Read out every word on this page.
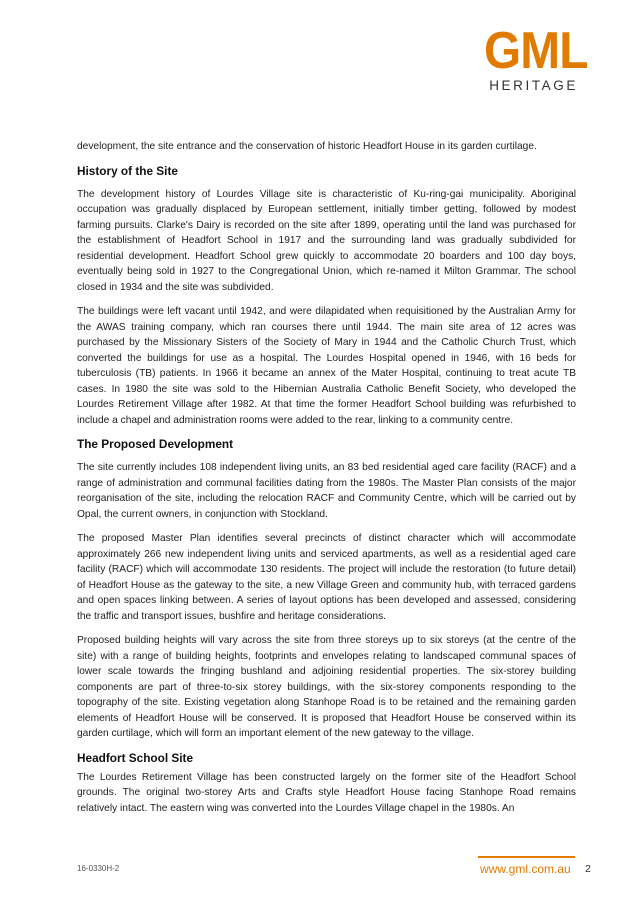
GML
HERITAGE

development, the site entrance and the conservation of historic Headfort House in its garden curtilage.

History of the Site

The development history of Lourdes Village site is characteristic of Ku-ring-gai municipality. Aboriginal occupation was gradually displaced by European settlement, initially timber getting, followed by modest farming pursuits. Clarke's Dairy is recorded on the site after 1899, operating until the land was purchased for the establishment of Headfort School in 1917 and the surrounding land was gradually subdivided for residential development. Headfort School grew quickly to accommodate 20 boarders and 100 day boys, eventually being sold in 1927 to the Congregational Union, which re-named it Milton Grammar. The school closed in 1934 and the site was subdivided.

The buildings were left vacant until 1942, and were dilapidated when requisitioned by the Australian Army for the AWAS training company, which ran courses there until 1944. The main site area of 12 acres was purchased by the Missionary Sisters of the Society of Mary in 1944 and the Catholic Church Trust, which converted the buildings for use as a hospital. The Lourdes Hospital opened in 1946, with 16 beds for tuberculosis (TB) patients. In 1966 it became an annex of the Mater Hospital, continuing to treat acute TB cases. In 1980 the site was sold to the Hibernian Australia Catholic Benefit Society, who developed the Lourdes Retirement Village after 1982. At that time the former Headfort School building was refurbished to include a chapel and administration rooms were added to the rear, linking to a community centre.

The Proposed Development

The site currently includes 108 independent living units, an 83 bed residential aged care facility (RACF) and a range of administration and communal facilities dating from the 1980s. The Master Plan consists of the major reorganisation of the site, including the relocation RACF and Community Centre, which will be carried out by Opal, the current owners, in conjunction with Stockland.

The proposed Master Plan identifies several precincts of distinct character which will accommodate approximately 266 new independent living units and serviced apartments, as well as a residential aged care facility (RACF) which will accommodate 130 residents. The project will include the restoration (to future detail) of Headfort House as the gateway to the site, a new Village Green and community hub, with terraced gardens and open spaces linking between. A series of layout options has been developed and assessed, considering the traffic and transport issues, bushfire and heritage considerations.

Proposed building heights will vary across the site from three storeys up to six storeys (at the centre of the site) with a range of building heights, footprints and envelopes relating to landscaped communal spaces of lower scale towards the fringing bushland and adjoining residential properties. The six-storey building components are part of three-to-six storey buildings, with the six-storey components responding to the topography of the site. Existing vegetation along Stanhope Road is to be retained and the remaining garden elements of Headfort House will be conserved. It is proposed that Headfort House be conserved within its garden curtilage, which will form an important element of the new gateway to the village.

Headfort School Site

The Lourdes Retirement Village has been constructed largely on the former site of the Headfort School grounds. The original two-storey Arts and Crafts style Headfort House facing Stanhope Road remains relatively intact. The eastern wing was converted into the Lourdes Village chapel in the 1980s. An

16-0330H-2	www.gml.com.au 2
